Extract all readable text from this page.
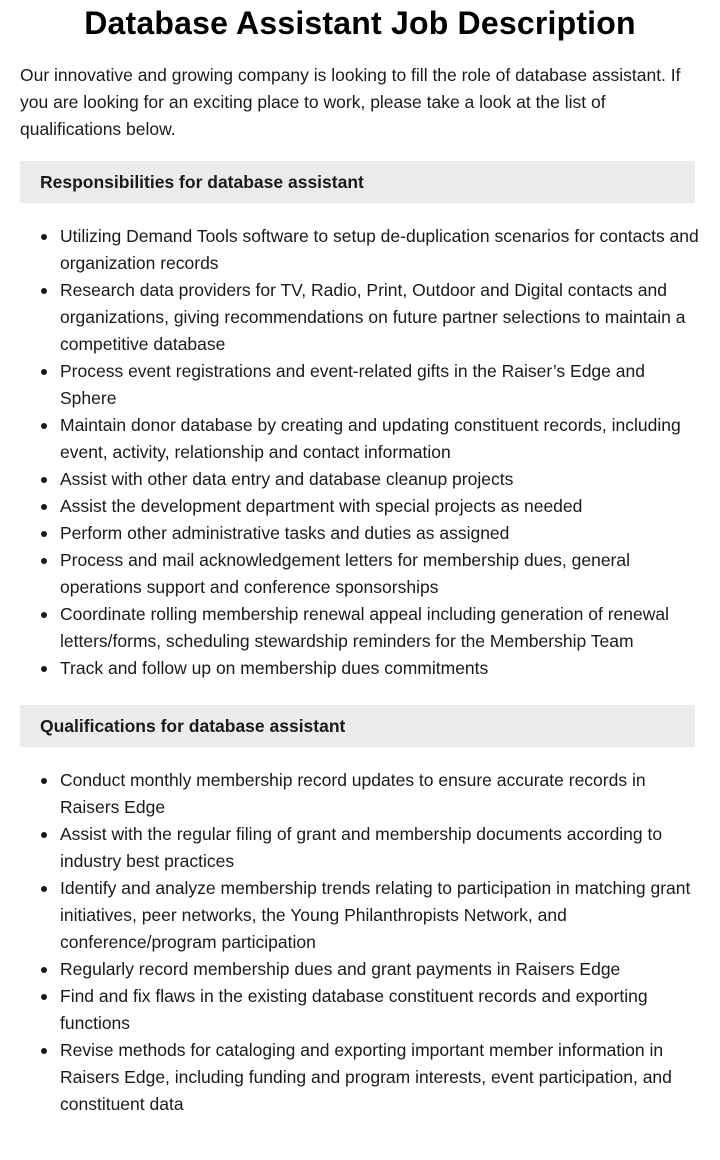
Database Assistant Job Description

Our innovative and growing company is looking to fill the role of database assistant. If you are looking for an exciting place to work, please take a look at the list of qualifications below.

Responsibilities for database assistant
Utilizing Demand Tools software to setup de-duplication scenarios for contacts and organization records
Research data providers for TV, Radio, Print, Outdoor and Digital contacts and organizations, giving recommendations on future partner selections to maintain a competitive database
Process event registrations and event-related gifts in the Raiser’s Edge and Sphere
Maintain donor database by creating and updating constituent records, including event, activity, relationship and contact information
Assist with other data entry and database cleanup projects
Assist the development department with special projects as needed
Perform other administrative tasks and duties as assigned
Process and mail acknowledgement letters for membership dues, general operations support and conference sponsorships
Coordinate rolling membership renewal appeal including generation of renewal letters/forms, scheduling stewardship reminders for the Membership Team
Track and follow up on membership dues commitments
Qualifications for database assistant
Conduct monthly membership record updates to ensure accurate records in Raisers Edge
Assist with the regular filing of grant and membership documents according to industry best practices
Identify and analyze membership trends relating to participation in matching grant initiatives, peer networks, the Young Philanthropists Network, and conference/program participation
Regularly record membership dues and grant payments in Raisers Edge
Find and fix flaws in the existing database constituent records and exporting functions
Revise methods for cataloging and exporting important member information in Raisers Edge, including funding and program interests, event participation, and constituent data
